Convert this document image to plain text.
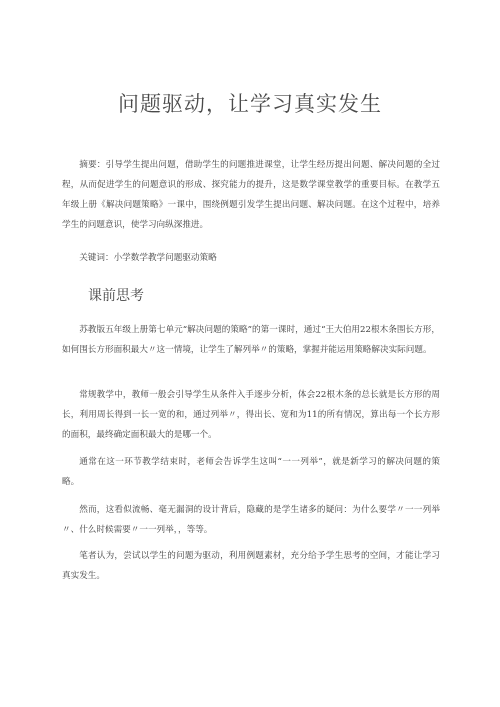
问题驱动，让学习真实发生

摘要：引导学生提出问题，借助学生的问题推进课堂，让学生经历提出问题、解决问题的全过程，从而促进学生的问题意识的形成、探究能力的提升，这是数学课堂教学的重要目标。在教学五年级上册《解决问题策略》一课中，围绕例题引发学生提出问题、解决问题。在这个过程中，培养学生的问题意识，使学习向纵深推进。

关键词：小学数学教学问题驱动策略

课前思考

苏教版五年级上册第七单元“解决问题的策略”的第一课时，通过“王大伯用22根木条围长方形，如何围长方形面积最大〃这一情境，让学生了解列举〃的策略，掌握并能运用策略解决实际问题。

常规教学中，教师一般会引导学生从条件入手逐步分析，体会22根木条的总长就是长方形的周长，利用周长得到一长一宽的和，通过列举〃，得出长、宽和为11的所有情况，算出每一个长方形的面积，最终确定面积最大的是哪一个。

通常在这一环节教学结束时，老师会告诉学生这叫“一一列举”，就是新学习的解决问题的策略。

然而，这看似流畅、毫无漏洞的设计背后，隐藏的是学生诸多的疑问：为什么要学〃一一列举〃、什么时候需要〃一一列举，，等等。

笔者认为，尝试以学生的问题为驱动，利用例题素材，充分给予学生思考的空间，才能让学习真实发生。
